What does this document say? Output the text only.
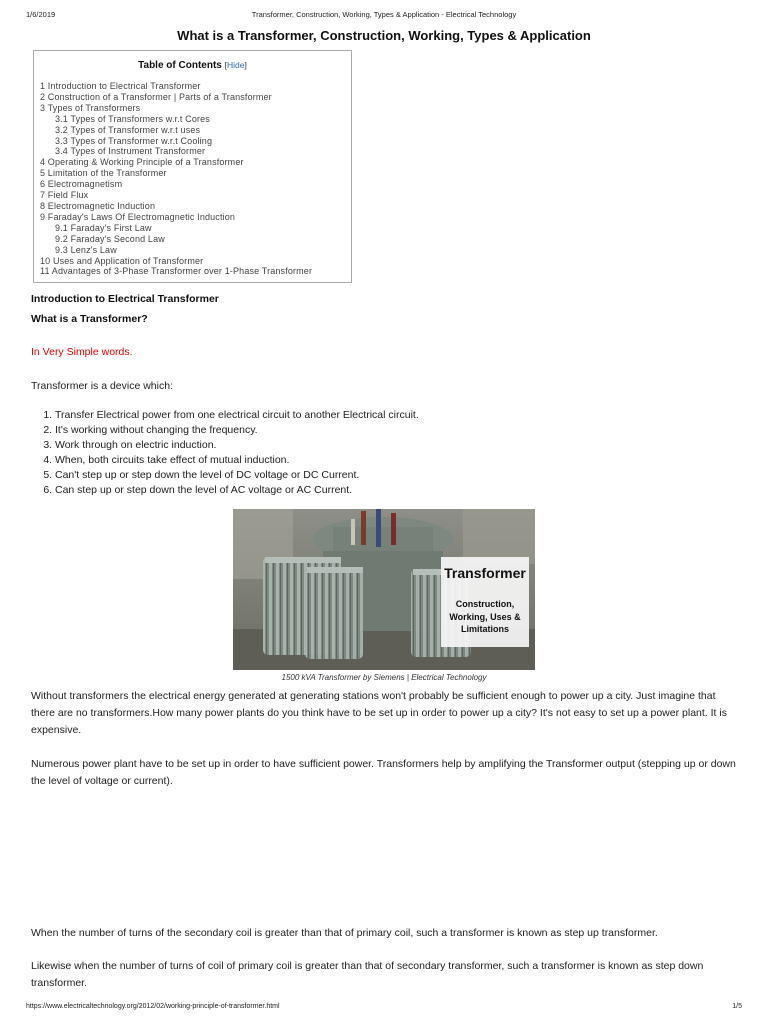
1/6/2019	Transformer, Construction, Working, Types & Application - Electrical Technology
What is a Transformer, Construction, Working, Types & Application
Table of Contents [Hide]
1 Introduction to Electrical Transformer
2 Construction of a Transformer | Parts of a Transformer
3 Types of Transformers
3.1 Types of Transformers w.r.t Cores
3.2 Types of Transformer w.r.t uses
3.3 Types of Transformer w.r.t Cooling
3.4 Types of Instrument Transformer
4 Operating & Working Principle of a Transformer
5 Limitation of the Transformer
6 Electromagnetism
7 Field Flux
8 Electromagnetic Induction
9 Faraday's Laws Of Electromagnetic Induction
9.1 Faraday's First Law
9.2 Faraday's Second Law
9.3 Lenz's Law
10 Uses and Application of Transformer
11 Advantages of 3-Phase Transformer over 1-Phase Transformer
Introduction to Electrical Transformer
What is a Transformer?
In Very Simple words.
Transformer is a device which:
1. Transfer Electrical power from one electrical circuit to another Electrical circuit.
2. It's working without changing the frequency.
3. Work through on electric induction.
4. When, both circuits take effect of mutual induction.
5. Can't step up or step down the level of DC voltage or DC Current.
6. Can step up or step down the level of AC voltage or AC Current.
Transformer
Construction, Working, Uses & Limitations
1500 kVA Transformer by Siemens | Electrical Technology
Without transformers the electrical energy generated at generating stations won't probably be sufficient enough to power up a city. Just imagine that there are no transformers.How many power plants do you think have to be set up in order to power up a city? It's not easy to set up a power plant. It is expensive.
Numerous power plant have to be set up in order to have sufficient power. Transformers help by amplifying the Transformer output (stepping up or down the level of voltage or current).
When the number of turns of the secondary coil is greater than that of primary coil, such a transformer is known as step up transformer.
Likewise when the number of turns of coil of primary coil is greater than that of secondary transformer, such a transformer is known as step down transformer.
https://www.electricaltechnology.org/2012/02/working-principle-of-transformer.html	1/5
